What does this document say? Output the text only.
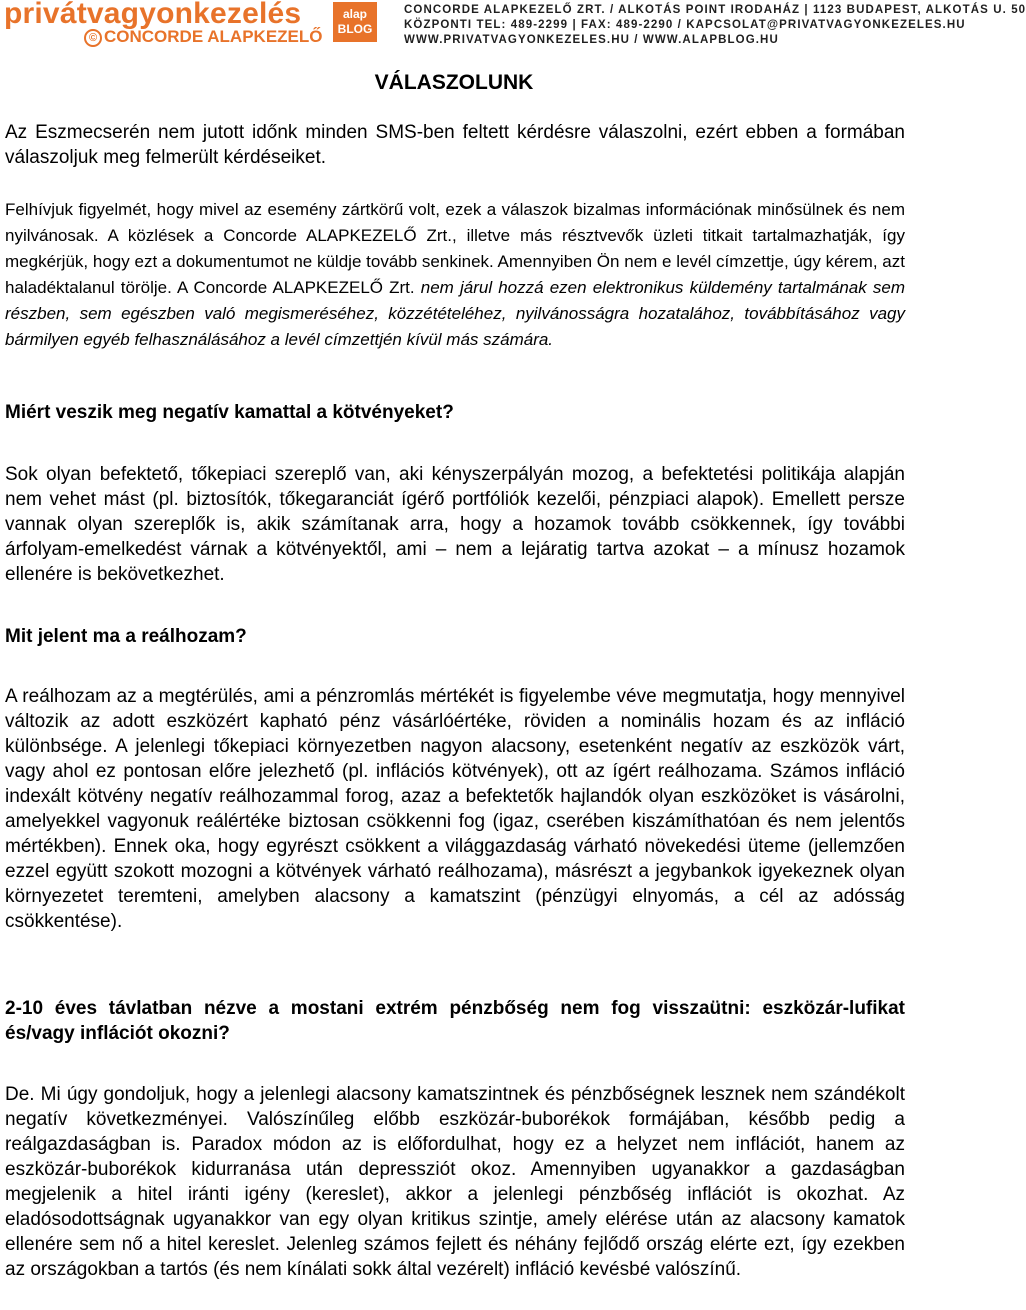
privátvagyonkezelés
© CONCORDE ALAPKEZELŐ
alap
BLOG
CONCORDE ALAPKEZELŐ ZRT. / ALKOTÁS POINT IRODAHÁZ | 1123 BUDAPEST, ALKOTÁS U. 50
KÖZPONTI TEL: 489-2299 | FAX: 489-2290 / KAPCSOLAT@PRIVATVAGYONKEZELES.HU
WWW.PRIVATVAGYONKEZELES.HU / WWW.ALAPBLOG.HU
VÁLASZOLUNK

Az Eszmecserén nem jutott időnk minden SMS-ben feltett kérdésre válaszolni, ezért ebben a formában válaszoljuk meg felmerült kérdéseiket.

Felhívjuk figyelmét, hogy mivel az esemény zártkörű volt, ezek a válaszok bizalmas információnak minősülnek és nem nyilvánosak. A közlések a Concorde ALAPKEZELŐ Zrt., illetve más résztvevők üzleti titkait tartalmazhatják, így megkérjük, hogy ezt a dokumentumot ne küldje tovább senkinek. Amennyiben Ön nem e levél címzettje, úgy kérem, azt haladéktalanul törölje. A Concorde ALAPKEZELŐ Zrt. nem járul hozzá ezen elektronikus küldemény tartalmának sem részben, sem egészben való megismeréséhez, közzétételéhez, nyilvánosságra hozatalához, továbbításához vagy bármilyen egyéb felhasználásához a levél címzettjén kívül más számára.

Miért veszik meg negatív kamattal a kötvényeket?

Sok olyan befektető, tőkepiaci szereplő van, aki kényszerpályán mozog, a befektetési politikája alapján nem vehet mást (pl. biztosítók, tőkegaranciát ígérő portfóliók kezelői, pénzpiaci alapok). Emellett persze vannak olyan szereplők is, akik számítanak arra, hogy a hozamok tovább csökkennek, így további árfolyam-emelkedést várnak a kötvényektől, ami – nem a lejáratig tartva azokat – a mínusz hozamok ellenére is bekövetkezhet.

Mit jelent ma a reálhozam?

A reálhozam az a megtérülés, ami a pénzromlás mértékét is figyelembe véve megmutatja, hogy mennyivel változik az adott eszközért kapható pénz vásárlóértéke, röviden a nominális hozam és az infláció különbsége. A jelenlegi tőkepiaci környezetben nagyon alacsony, esetenként negatív az eszközök várt, vagy ahol ez pontosan előre jelezhető (pl. inflációs kötvények), ott az ígért reálhozama. Számos infláció indexált kötvény negatív reálhozammal forog, azaz a befektetők hajlandók olyan eszközöket is vásárolni, amelyekkel vagyonuk reálértéke biztosan csökkenni fog (igaz, cserében kiszámíthatóan és nem jelentős mértékben). Ennek oka, hogy egyrészt csökkent a világgazdaság várható növekedési üteme (jellemzően ezzel együtt szokott mozogni a kötvények várható reálhozama), másrészt a jegybankok igyekeznek olyan környezetet teremteni, amelyben alacsony a kamatszint (pénzügyi elnyomás, a cél az adósság csökkentése).

2-10 éves távlatban nézve a mostani extrém pénzbőség nem fog visszaütni: eszközár-lufikat és/vagy inflációt okozni?

De. Mi úgy gondoljuk, hogy a jelenlegi alacsony kamatszintnek és pénzbőségnek lesznek nem szándékolt negatív következményei. Valószínűleg előbb eszközár-buborékok formájában, később pedig a reálgazdaságban is. Paradox módon az is előfordulhat, hogy ez a helyzet nem inflációt, hanem az eszközár-buborékok kidurranása után depressziót okoz. Amennyiben ugyanakkor a gazdaságban megjelenik a hitel iránti igény (kereslet), akkor a jelenlegi pénzbőség inflációt is okozhat. Az eladósodottságnak ugyanakkor van egy olyan kritikus szintje, amely elérése után az alacsony kamatok ellenére sem nő a hitel kereslet. Jelenleg számos fejlett és néhány fejlődő ország elérte ezt, így ezekben az országokban a tartós (és nem kínálati sokk által vezérelt) infláció kevésbé valószínű.
